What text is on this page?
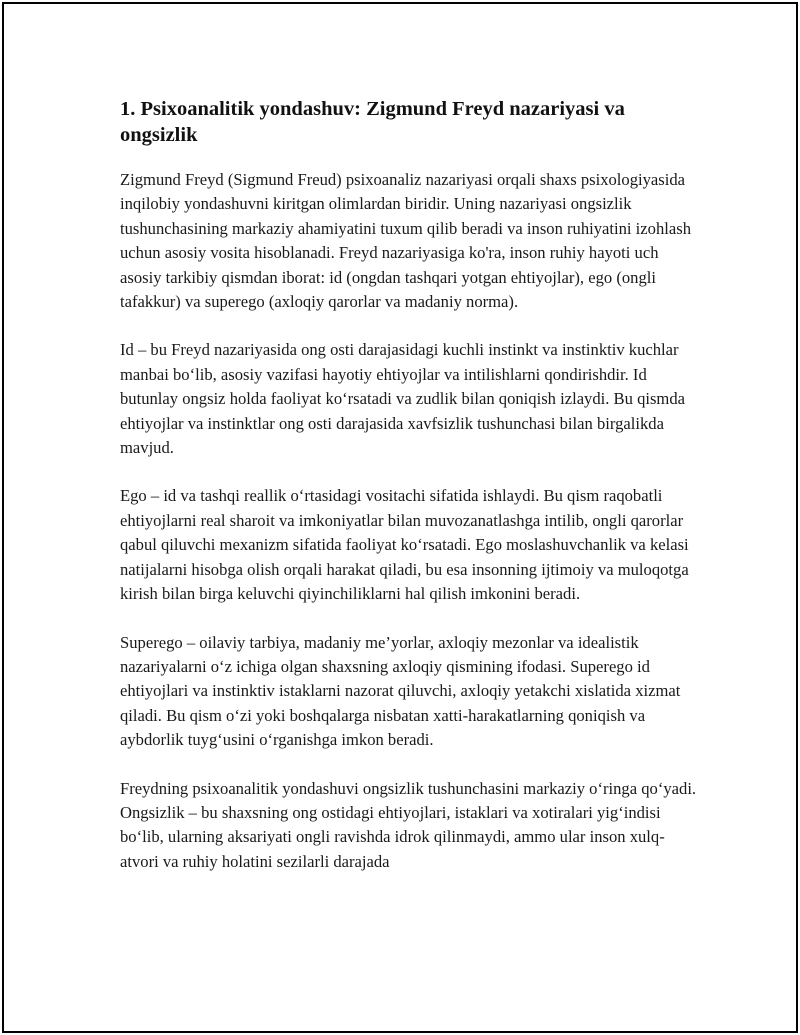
1. Psixoanalitik yondashuv: Zigmund Freyd nazariyasi va ongsizlik

Zigmund Freyd (Sigmund Freud) psixoanaliz nazariyasi orqali shaxs psixologiyasida inqilobiy yondashuvni kiritgan olimlardan biridir. Uning nazariyasi ongsizlik tushunchasining markaziy ahamiyatini tuxum qilib beradi va inson ruhiyatini izohlash uchun asosiy vosita hisoblanadi. Freyd nazariyasiga ko'ra, inson ruhiy hayoti uch asosiy tarkibiy qismdan iborat: id (ongdan tashqari yotgan ehtiyojlar), ego (ongli tafakkur) va superego (axloqiy qarorlar va madaniy norma).

Id – bu Freyd nazariyasida ong osti darajasidagi kuchli instinkt va instinktiv kuchlar manbai bo‘lib, asosiy vazifasi hayotiy ehtiyojlar va intilishlarni qondirishdir. Id butunlay ongsiz holda faoliyat ko‘rsatadi va zudlik bilan qoniqish izlaydi. Bu qismda ehtiyojlar va instinktlar ong osti darajasida xavfsizlik tushunchasi bilan birgalikda mavjud.

Ego – id va tashqi reallik o‘rtasidagi vositachi sifatida ishlaydi. Bu qism raqobatli ehtiyojlarni real sharoit va imkoniyatlar bilan muvozanatlashga intilib, ongli qarorlar qabul qiluvchi mexanizm sifatida faoliyat ko‘rsatadi. Ego moslashuvchanlik va kelasi natijalarni hisobga olish orqali harakat qiladi, bu esa insonning ijtimoiy va muloqotga kirish bilan birga keluvchi qiyinchiliklarni hal qilish imkonini beradi.

Superego – oilaviy tarbiya, madaniy me’yorlar, axloqiy mezonlar va idealistik nazariyalarni o‘z ichiga olgan shaxsning axloqiy qismining ifodasi. Superego id ehtiyojlari va instinktiv istaklarni nazorat qiluvchi, axloqiy yetakchi xislatida xizmat qiladi. Bu qism o‘zi yoki boshqalarga nisbatan xatti-harakatlarning qoniqish va aybdorlik tuyg‘usini o‘rganishga imkon beradi.

Freydning psixoanalitik yondashuvi ongsizlik tushunchasini markaziy o‘ringa qo‘yadi. Ongsizlik – bu shaxsning ong ostidagi ehtiyojlari, istaklari va xotiralari yig‘indisi bo‘lib, ularning aksariyati ongli ravishda idrok qilinmaydi, ammo ular inson xulq-atvori va ruhiy holatini sezilarli darajada
